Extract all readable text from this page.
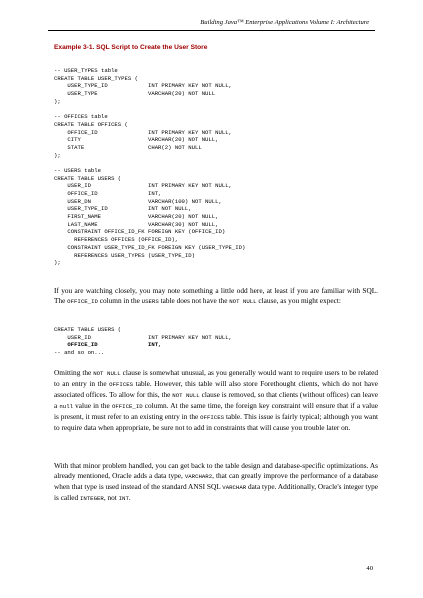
Building Java™ Enterprise Applications Volume I: Architecture
Example 3-1. SQL Script to Create the User Store
-- USER_TYPES table
CREATE TABLE USER_TYPES (
USER_TYPE_ID            INT PRIMARY KEY NOT NULL,
USER_TYPE               VARCHAR(20) NOT NULL
);
-- OFFICES table
CREATE TABLE OFFICES (
OFFICE_ID               INT PRIMARY KEY NOT NULL,
CITY                    VARCHAR(20) NOT NULL,
STATE                   CHAR(2) NOT NULL
);
-- USERS table
CREATE TABLE USERS (
USER_ID                 INT PRIMARY KEY NOT NULL,
OFFICE_ID               INT,
USER_DN                 VARCHAR(100) NOT NULL,
USER_TYPE_ID            INT NOT NULL,
FIRST_NAME              VARCHAR(20) NOT NULL,
LAST_NAME               VARCHAR(30) NOT NULL,
CONSTRAINT OFFICE_ID_FK FOREIGN KEY (OFFICE_ID)
REFERENCES OFFICES (OFFICE_ID),
CONSTRAINT USER_TYPE_ID_FK FOREIGN KEY (USER_TYPE_ID)
REFERENCES USER_TYPES (USER_TYPE_ID)
);

If you are watching closely, you may note something a little odd here, at least if you are familiar with SQL. The OFFICE_ID column in the USERS table does not have the NOT NULL clause, as you might expect:

CREATE TABLE USERS (
USER_ID                 INT PRIMARY KEY NOT NULL,
OFFICE_ID               INT,
-- and so on...

Omitting the NOT NULL clause is somewhat unusual, as you generally would want to require users to be related to an entry in the OFFICES table. However, this table will also store Forethought clients, which do not have associated offices. To allow for this, the NOT NULL clause is removed, so that clients (without offices) can leave a null value in the OFFICE_ID column. At the same time, the foreign key constraint will ensure that if a value is present, it must refer to an existing entry in the OFFICES table. This issue is fairly typical; although you want to require data when appropriate, be sure not to add in constraints that will cause you trouble later on.

With that minor problem handled, you can get back to the table design and database-specific optimizations. As already mentioned, Oracle adds a data type, VARCHAR2, that can greatly improve the performance of a database when that type is used instead of the standard ANSI SQL VARCHAR data type. Additionally, Oracle's integer type is called INTEGER, not INT.

40
